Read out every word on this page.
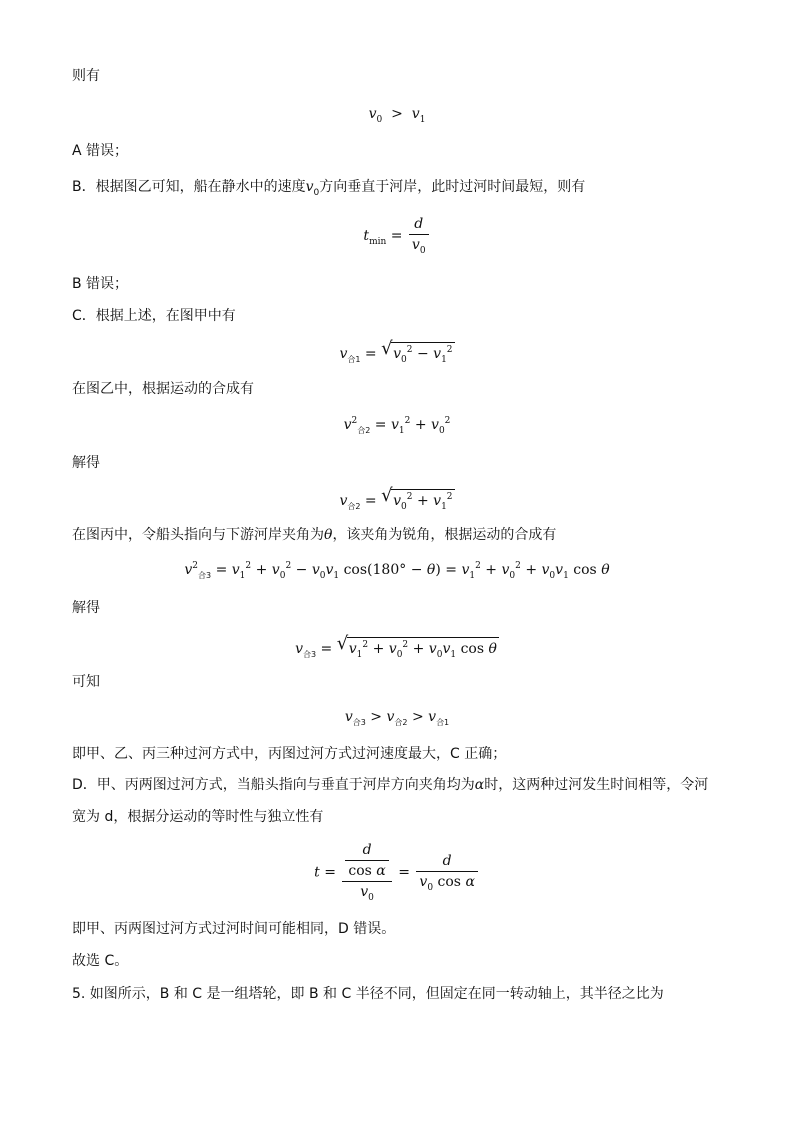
则有
$v_0 > v_1$
A 错误；
B．根据图乙可知，船在静水中的速度$v_0$方向垂直于河岸，此时过河时间最短，则有
$t_{min} = \frac{d}{v_0}$
B 错误；
C．根据上述，在图甲中有
$v_{合1}$ = √ $v_0^2 - v_1^2$
在图乙中，根据运动的合成有
$v^2_{合2} = v_1^2 + v_0^2$
解得
$v_{合2}$ = √ $v_0^2 + v_1^2$
在图丙中，令船头指向与下游河岸夹角为θ，该夹角为锐角，根据运动的合成有
$v^2_{合3} = v_1^2 + v_0^2 - v_0v_1$ $\cos(180^\circ - \theta) = v_1^2 + v_0^2 + v_0v_1$ cos θ
解得
$v_{合3}$ = √ $v_1^2 + v_0^2 + v_0v_1$ cos θ
可知
$v_{合3} > v_{合2} > v_{合1}$
即甲、乙、丙三种过河方式中，丙图过河方式过河速度最大，C 正确；
D．甲、丙两图过河方式，当船头指向与垂直于河岸方向夹角均为α时，这两种过河发生时间相等，令河
宽为 d，根据分运动的等时性与独立性有
$t = \frac{\frac{d}{\text{cos α}}}{v_0} = \frac{d}{v_0 \cos \alpha}$
即甲、丙两图过河方式过河时间可能相同，D 错误。
故选 C。
5. 如图所示，B 和 C 是一组塔轮，即 B 和 C 半径不同，但固定在同一转动轴上，其半径之比为
